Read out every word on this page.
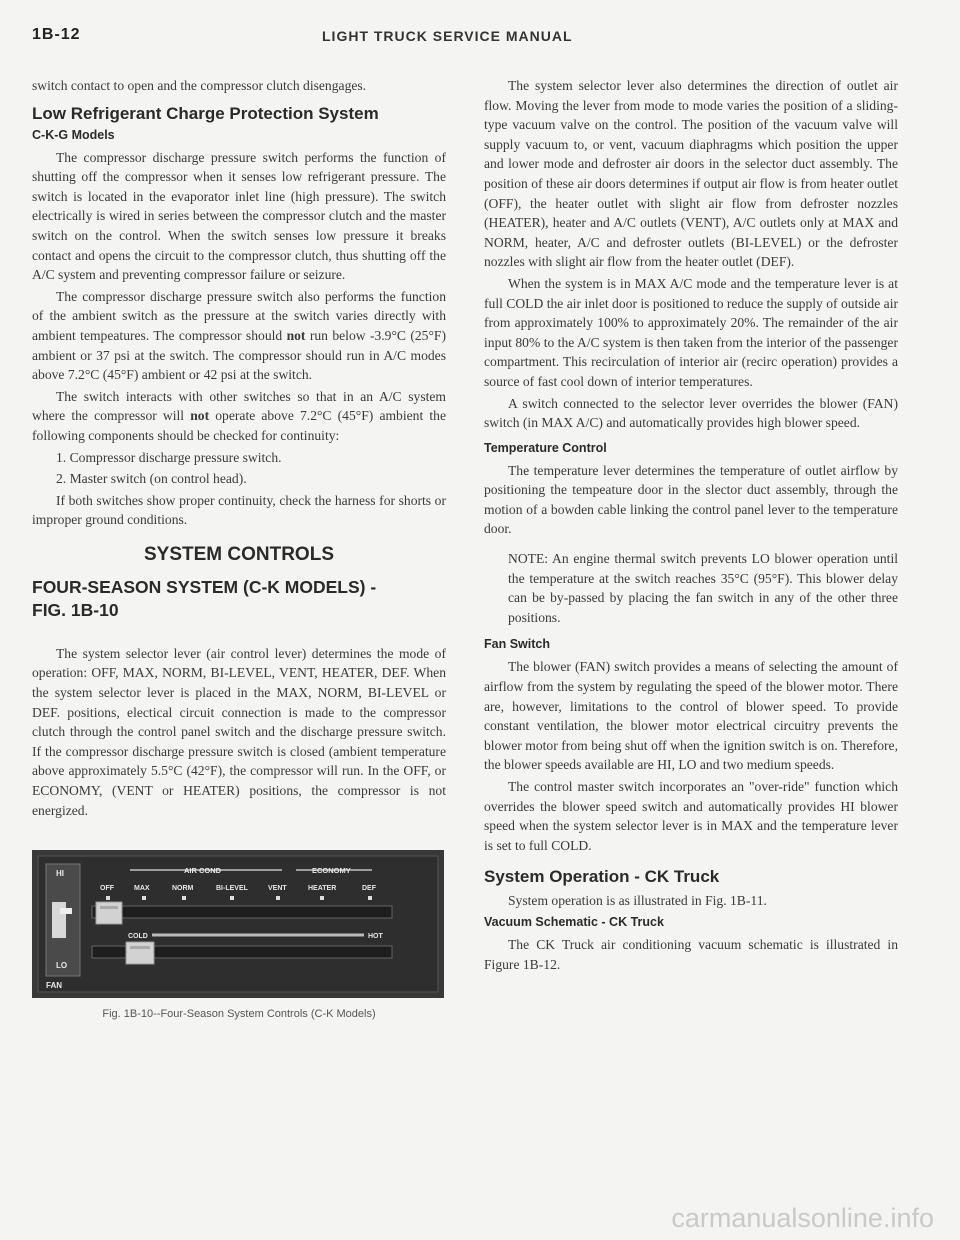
1B-12	LIGHT TRUCK SERVICE MANUAL

switch contact to open and the compressor clutch disengages.

Low Refrigerant Charge Protection System
C-K-G Models

The compressor discharge pressure switch performs the function of shutting off the compressor when it senses low refrigerant pressure. The switch is located in the evaporator inlet line (high pressure). The switch electrically is wired in series between the compressor clutch and the master switch on the control. When the switch senses low pressure it breaks contact and opens the circuit to the compressor clutch, thus shutting off the A/C system and preventing compressor failure or seizure.

The compressor discharge pressure switch also performs the function of the ambient switch as the pressure at the switch varies directly with ambient tempeatures. The compressor should not run below -3.9°C (25°F) ambient or 37 psi at the switch. The compressor should run in A/C modes above 7.2°C (45°F) ambient or 42 psi at the switch.

The switch interacts with other switches so that in an A/C system where the compressor will not operate above 7.2°C (45°F) ambient the following components should be checked for continuity:

1. Compressor discharge pressure switch.

2. Master switch (on control head).

If both switches show proper continuity, check the harness for shorts or improper ground conditions.

SYSTEM CONTROLS
FOUR-SEASON SYSTEM (C-K MODELS) -
FIG. 1B-10

The system selector lever (air control lever) determines the mode of operation: OFF, MAX, NORM, BI-LEVEL, VENT, HEATER, DEF. When the system selector lever is placed in the MAX, NORM, BI-LEVEL or DEF. positions, electical circuit connection is made to the compressor clutch through the control panel switch and the discharge pressure switch. If the compressor discharge pressure switch is closed (ambient temperature above approximately 5.5°C (42°F), the compressor will run. In the OFF, or ECONOMY, (VENT or HEATER) positions, the compressor is not energized.

HI
LO
FAN
AIR COND	ECONOMY
OFF	MAX	NORM	BI-LEVEL	VENT	HEATER	DEF
COLD	HOT
Fig. 1B-10--Four-Season System Controls (C-K Models)

The system selector lever also determines the direction of outlet air flow. Moving the lever from mode to mode varies the position of a sliding-type vacuum valve on the control. The position of the vacuum valve will supply vacuum to, or vent, vacuum diaphragms which position the upper and lower mode and defroster air doors in the selector duct assembly. The position of these air doors determines if output air flow is from heater outlet (OFF), the heater outlet with slight air flow from defroster nozzles (HEATER), heater and A/C outlets (VENT), A/C outlets only at MAX and NORM, heater, A/C and defroster outlets (BI-LEVEL) or the defroster nozzles with slight air flow from the heater outlet (DEF).

When the system is in MAX A/C mode and the temperature lever is at full COLD the air inlet door is positioned to reduce the supply of outside air from approximately 100% to approximately 20%. The remainder of the air input 80% to the A/C system is then taken from the interior of the passenger compartment. This recirculation of interior air (recirc operation) provides a source of fast cool down of interior temperatures.

A switch connected to the selector lever overrides the blower (FAN) switch (in MAX A/C) and automatically provides high blower speed.

Temperature Control

The temperature lever determines the temperature of outlet airflow by positioning the tempeature door in the slector duct assembly, through the motion of a bowden cable linking the control panel lever to the temperature door.

NOTE: An engine thermal switch prevents LO blower operation until the temperature at the switch reaches 35°C (95°F). This blower delay can be by-passed by placing the fan switch in any of the other three positions.

Fan Switch

The blower (FAN) switch provides a means of selecting the amount of airflow from the system by regulating the speed of the blower motor. There are, however, limitations to the control of blower speed. To provide constant ventilation, the blower motor electrical circuitry prevents the blower motor from being shut off when the ignition switch is on. Therefore, the blower speeds available are HI, LO and two medium speeds.

The control master switch incorporates an "over-ride" function which overrides the blower speed switch and automatically provides HI blower speed when the system selector lever is in MAX and the temperature lever is set to full COLD.

System Operation - CK Truck

System operation is as illustrated in Fig. 1B-11.

Vacuum Schematic - CK Truck

The CK Truck air conditioning vacuum schematic is illustrated in Figure 1B-12.

carmanualsonline.info
